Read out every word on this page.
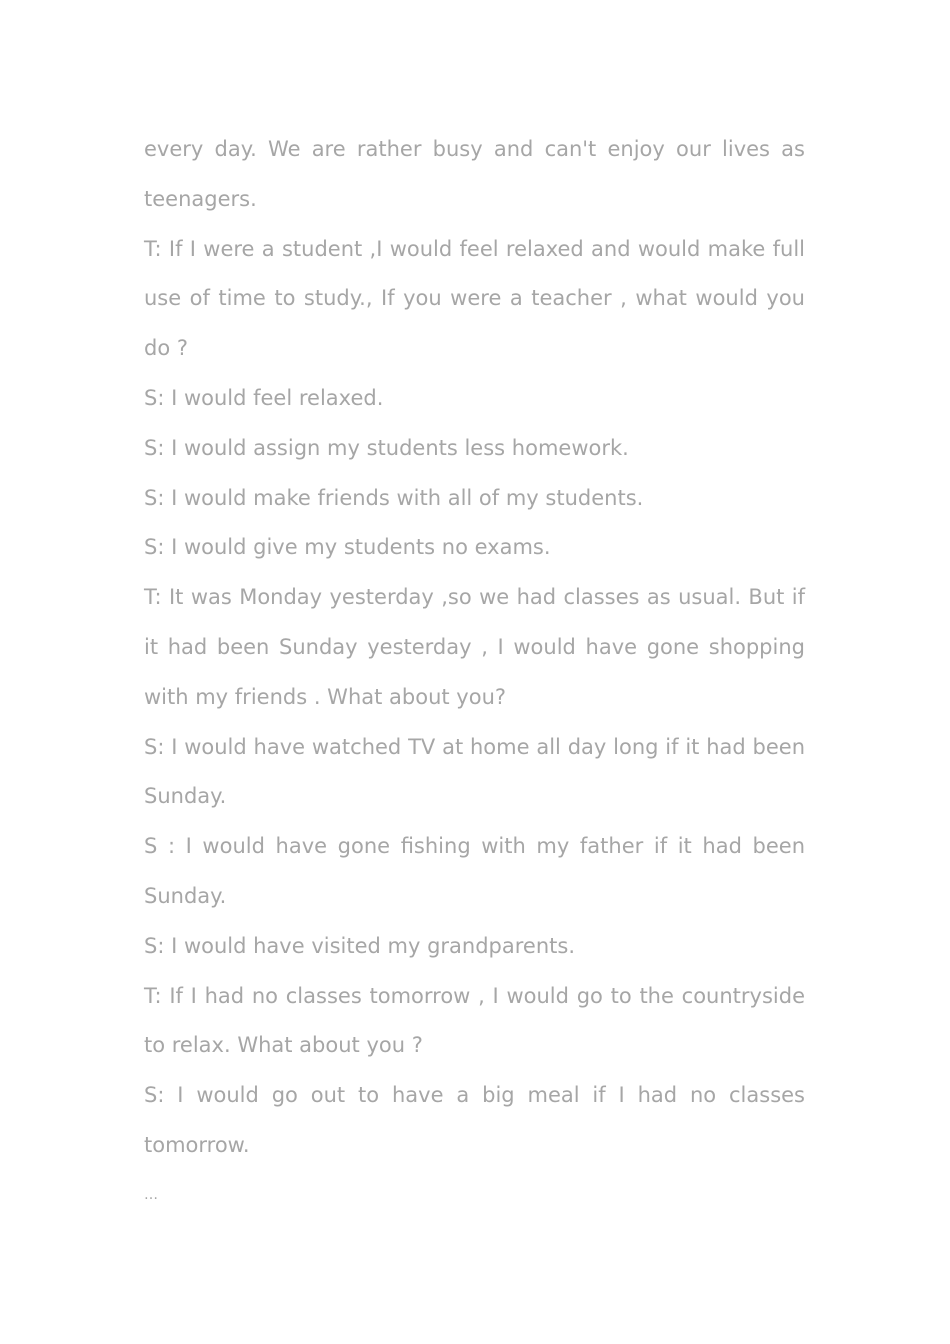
every day. We are rather busy and can't enjoy our lives as teenagers.

T: If I were a student ,I would feel relaxed and would make full use of time to study., If you were a teacher , what would you do ?

S: I would feel relaxed.

S: I would assign my students less homework.

S: I would make friends with all of my students.

S: I would give my students no exams.

T: It was Monday yesterday ,so we had classes as usual. But if it had been Sunday yesterday , I would have gone shopping with my friends . What about you?

S: I would have watched TV at home all day long if it had been Sunday.

S : I would have gone fishing with my father if it had been Sunday.

S: I would have visited my grandparents.

T: If I had no classes tomorrow , I would go to the countryside to relax. What about you ?

S: I would go out to have a big meal if I had no classes tomorrow.

…
